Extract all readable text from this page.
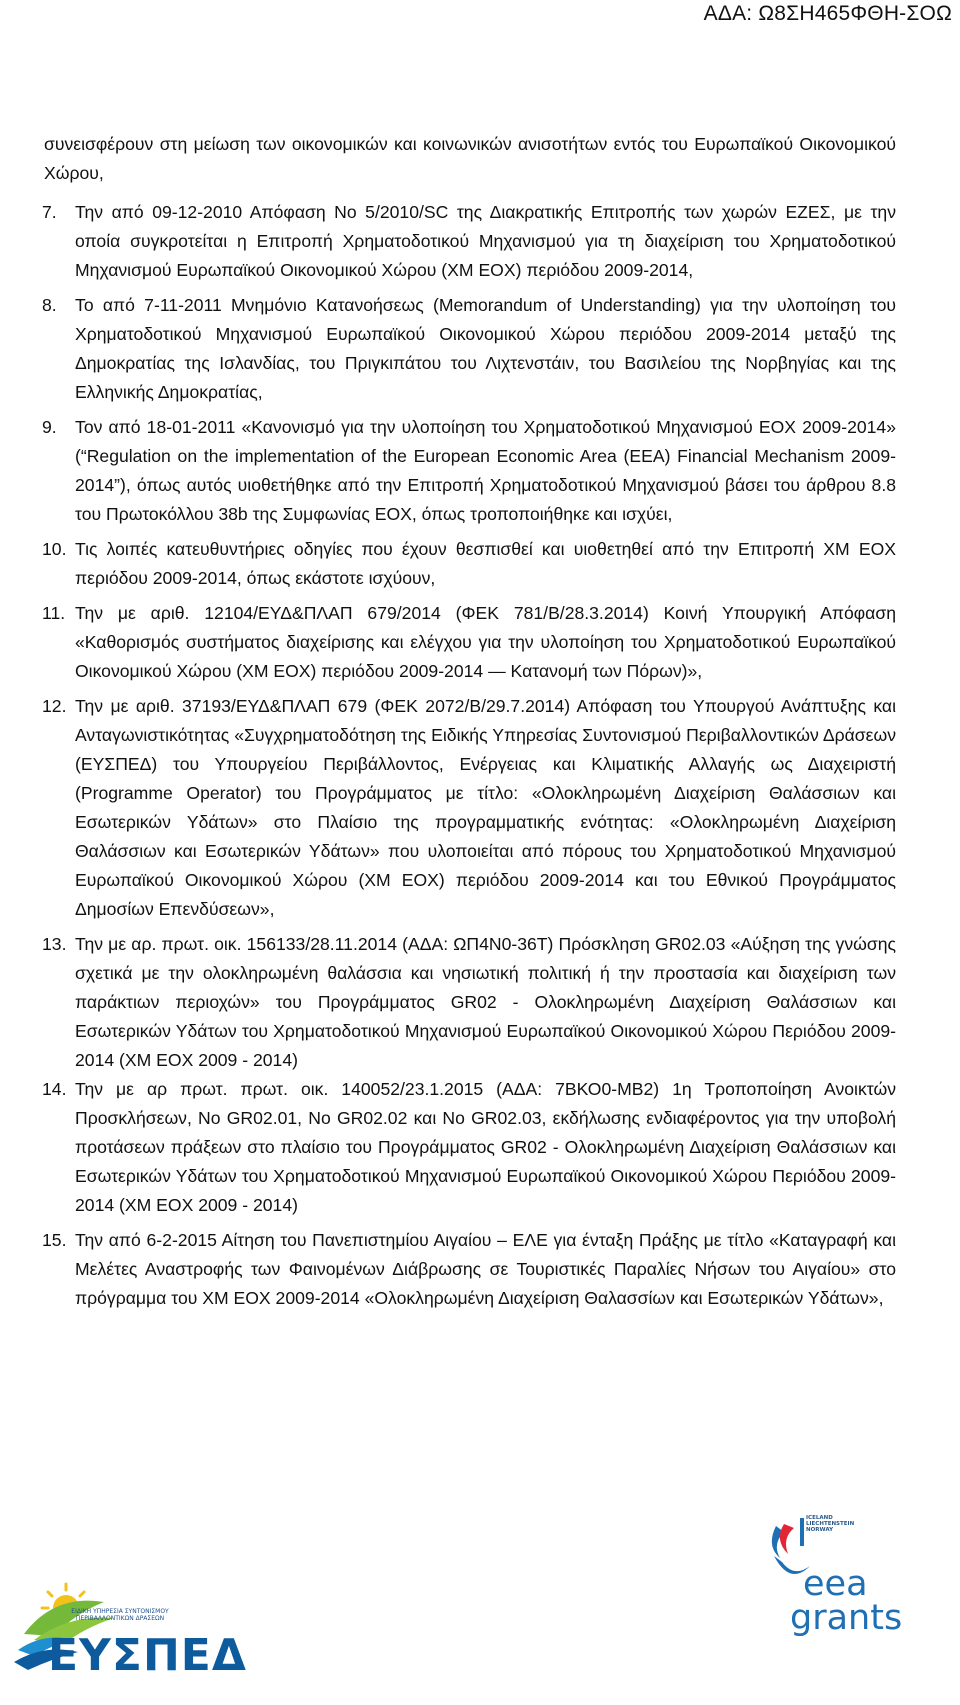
ΑΔΑ: Ω8ΣΗ465ΦΘΗ-ΣΟΩ

συνεισφέρουν στη μείωση των οικονομικών και κοινωνικών ανισοτήτων εντός του Ευρωπαϊκού Οικονομικού Χώρου,

7.	Την από 09-12-2010 Απόφαση Νο 5/2010/SC της Διακρατικής Επιτροπής των χωρών ΕΖΕΣ, με την οποία συγκροτείται η Επιτροπή Χρηματοδοτικού Μηχανισμού για τη διαχείριση του Χρηματοδοτικού Μηχανισμού Ευρωπαϊκού Οικονομικού Χώρου (ΧΜ ΕΟΧ) περιόδου 2009-2014,

8.	Το από 7-11-2011 Μνημόνιο Κατανοήσεως (Memorandum of Understanding) για την υλοποίηση του Χρηματοδοτικού Μηχανισμού Ευρωπαϊκού Οικονομικού Χώρου περιόδου 2009-2014 μεταξύ της Δημοκρατίας της Ισλανδίας, του Πριγκιπάτου του Λιχτενστάιν, του Βασιλείου της Νορβηγίας και της Ελληνικής Δημοκρατίας,

9.	Τον από 18-01-2011 «Κανονισμό για την υλοποίηση του Χρηματοδοτικού Μηχανισμού ΕΟΧ 2009-2014» (“Regulation on the implementation of the European Economic Area (EEA) Financial Mechanism 2009-2014”), όπως αυτός υιοθετήθηκε από την Επιτροπή Χρηματοδοτικού Μηχανισμού βάσει του άρθρου 8.8 του Πρωτοκόλλου 38b της Συμφωνίας ΕΟΧ, όπως τροποποιήθηκε και ισχύει,

10. Τις λοιπές κατευθυντήριες οδηγίες που έχουν θεσπισθεί και υιοθετηθεί από την Επιτροπή ΧΜ ΕΟΧ περιόδου 2009-2014, όπως εκάστοτε ισχύουν,

11. Την με αριθ. 12104/ΕΥΔ&ΠΛΑΠ 679/2014 (ΦΕΚ 781/Β/28.3.2014) Κοινή Υπουργική Απόφαση «Καθορισμός συστήματος διαχείρισης και ελέγχου για την υλοποίηση του Χρηματοδοτικού Ευρωπαϊκού Οικονομικού Χώρου (ΧΜ ΕΟΧ) περιόδου 2009-2014 — Κατανομή των Πόρων)»,

12. Την με αριθ. 37193/ΕΥΔ&ΠΛΑΠ 679 (ΦΕΚ 2072/Β/29.7.2014) Απόφαση του Υπουργού Ανάπτυξης και Ανταγωνιστικότητας «Συγχρηματοδότηση της Ειδικής Υπηρεσίας Συντονισμού Περιβαλλοντικών Δράσεων (ΕΥΣΠΕΔ) του Υπουργείου Περιβάλλοντος, Ενέργειας και Κλιματικής Αλλαγής ως Διαχειριστή (Programme Operator) του Προγράμματος με τίτλο: «Ολοκληρωμένη Διαχείριση Θαλάσσιων και Εσωτερικών Υδάτων» στο Πλαίσιο της προγραμματικής ενότητας: «Ολοκληρωμένη Διαχείριση Θαλάσσιων και Εσωτερικών Υδάτων» που υλοποιείται από πόρους του Χρηματοδοτικού Μηχανισμού Ευρωπαϊκού Οικονομικού Χώρου (ΧΜ ΕΟΧ) περιόδου 2009-2014 και του Εθνικού Προγράμματος Δημοσίων Επενδύσεων»,

13. Την με αρ. πρωτ. οικ. 156133/28.11.2014 (ΑΔΑ: ΩΠ4Ν0-36Τ) Πρόσκληση GR02.03 «Αύξηση της γνώσης σχετικά με την ολοκληρωμένη θαλάσσια και νησιωτική πολιτική ή την προστασία και διαχείριση των παράκτιων περιοχών» του Προγράμματος GR02 - Ολοκληρωμένη Διαχείριση Θαλάσσιων και Εσωτερικών Υδάτων του Χρηματοδοτικού Μηχανισμού Ευρωπαϊκού Οικονομικού Χώρου Περιόδου 2009-2014 (ΧΜ ΕΟΧ 2009 - 2014)

14. Την με αρ πρωτ. πρωτ. οικ. 140052/23.1.2015 (ΑΔΑ: 7ΒΚΟ0-ΜΒ2) 1η Τροποποίηση Ανοικτών Προσκλήσεων, Νο GR02.01, Νο GR02.02 και Νο GR02.03, εκδήλωσης ενδιαφέροντος για την υποβολή προτάσεων πράξεων στο πλαίσιο του Προγράμματος GR02 - Ολοκληρωμένη Διαχείριση Θαλάσσιων και Εσωτερικών Υδάτων του Χρηματοδοτικού Μηχανισμού Ευρωπαϊκού Οικονομικού Χώρου Περιόδου 2009-2014 (ΧΜ ΕΟΧ 2009 - 2014)

15. Την από 6-2-2015 Αίτηση του Πανεπιστημίου Αιγαίου – ΕΛΕ για ένταξη Πράξης με τίτλο «Καταγραφή και Μελέτες Αναστροφής των Φαινομένων Διάβρωσης σε Τουριστικές Παραλίες Νήσων του Αιγαίου» στο πρόγραμμα του ΧΜ ΕΟΧ 2009-2014 «Ολοκληρωμένη Διαχείριση Θαλασσίων και Εσωτερικών Υδάτων»,

ΕΙΔΙΚΗ ΥΠΗΡΕΣΙΑ ΣΥΝΤΟΝΙΣΜΟΥ ΠΕΡΙΒΑΛΛΟΝΤΙΚΩΝ ΔΡΑΣΕΩΝ
ΕΥΣΠΕΔ
ICELAND
LIECHTENSTEIN
NORWAY
eea
grants
